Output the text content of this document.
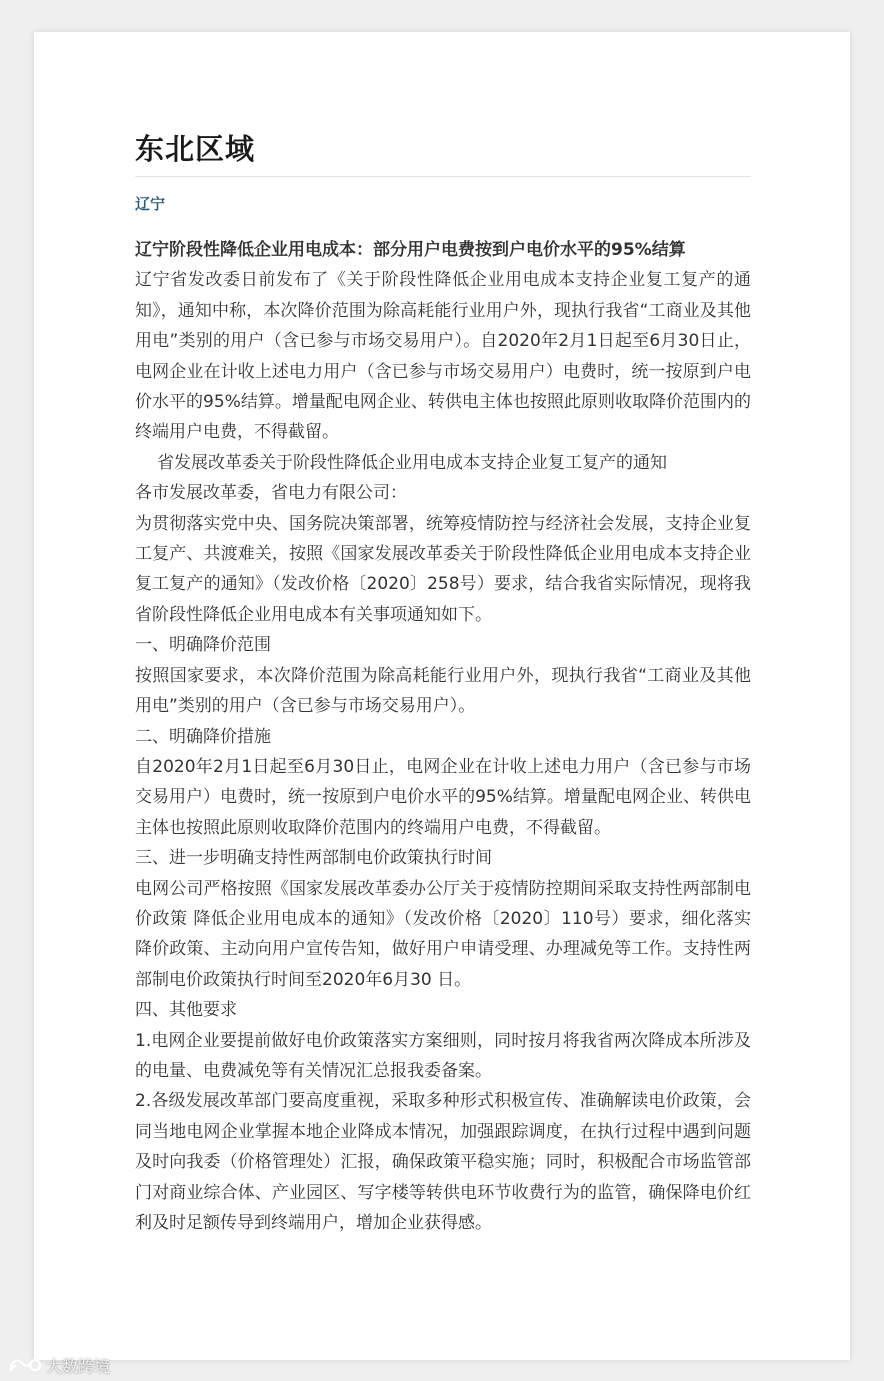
东北区域
辽宁
辽宁阶段性降低企业用电成本：部分用户电费按到户电价水平的95%结算

辽宁省发改委日前发布了《关于阶段性降低企业用电成本支持企业复工复产的通知》，通知中称，本次降价范围为除高耗能行业用户外，现执行我省“工商业及其他用电”类别的用户（含已参与市场交易用户）。自2020年2月1日起至6月30日止，电网企业在计收上述电力用户（含已参与市场交易用户）电费时，统一按原到户电价水平的95%结算。增量配电网企业、转供电主体也按照此原则收取降价范围内的终端用户电费，不得截留。

省发展改革委关于阶段性降低企业用电成本支持企业复工复产的通知

各市发展改革委，省电力有限公司：

为贯彻落实党中央、国务院决策部署，统筹疫情防控与经济社会发展，支持企业复工复产、共渡难关，按照《国家发展改革委关于阶段性降低企业用电成本支持企业复工复产的通知》（发改价格〔2020〕258号）要求，结合我省实际情况，现将我省阶段性降低企业用电成本有关事项通知如下。

一、明确降价范围

按照国家要求，本次降价范围为除高耗能行业用户外，现执行我省“工商业及其他用电”类别的用户（含已参与市场交易用户）。

二、明确降价措施

自2020年2月1日起至6月30日止，电网企业在计收上述电力用户（含已参与市场交易用户）电费时，统一按原到户电价水平的95%结算。增量配电网企业、转供电主体也按照此原则收取降价范围内的终端用户电费，不得截留。

三、进一步明确支持性两部制电价政策执行时间

电网公司严格按照《国家发展改革委办公厅关于疫情防控期间采取支持性两部制电价政策 降低企业用电成本的通知》（发改价格〔2020〕110号）要求，细化落实降价政策、主动向用户宣传告知，做好用户申请受理、办理减免等工作。支持性两部制电价政策执行时间至2020年6月30 日。

四、其他要求

1.电网企业要提前做好电价政策落实方案细则，同时按月将我省两次降成本所涉及的电量、电费减免等有关情况汇总报我委备案。

2.各级发展改革部门要高度重视，采取多种形式积极宣传、准确解读电价政策，会同当地电网企业掌握本地企业降成本情况，加强跟踪调度，在执行过程中遇到问题及时向我委（价格管理处）汇报，确保政策平稳实施；同时，积极配合市场监管部门对商业综合体、产业园区、写字楼等转供电环节收费行为的监管，确保降电价红利及时足额传导到终端用户，增加企业获得感。

大数跨境
